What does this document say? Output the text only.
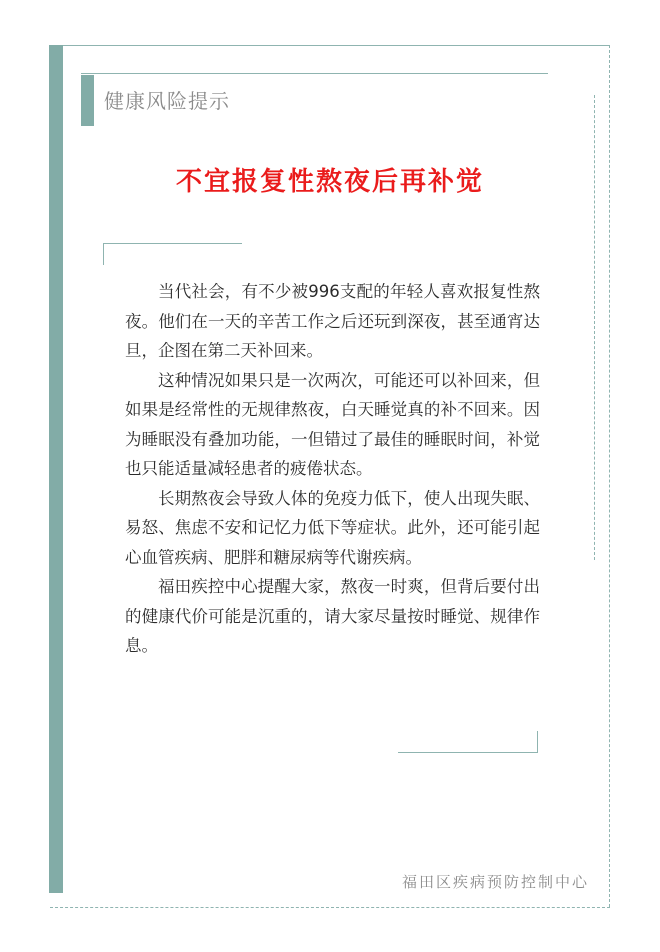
健康风险提示
不宜报复性熬夜后再补觉

当代社会，有不少被996支配的年轻人喜欢报复性熬夜。他们在一天的辛苦工作之后还玩到深夜，甚至通宵达旦，企图在第二天补回来。

这种情况如果只是一次两次，可能还可以补回来，但如果是经常性的无规律熬夜，白天睡觉真的补不回来。因为睡眠没有叠加功能，一但错过了最佳的睡眠时间，补觉也只能适量减轻患者的疲倦状态。

长期熬夜会导致人体的免疫力低下，使人出现失眠、易怒、焦虑不安和记忆力低下等症状。此外，还可能引起心血管疾病、肥胖和糖尿病等代谢疾病。

福田疾控中心提醒大家，熬夜一时爽，但背后要付出的健康代价可能是沉重的，请大家尽量按时睡觉、规律作息。

福田区疾病预防控制中心
